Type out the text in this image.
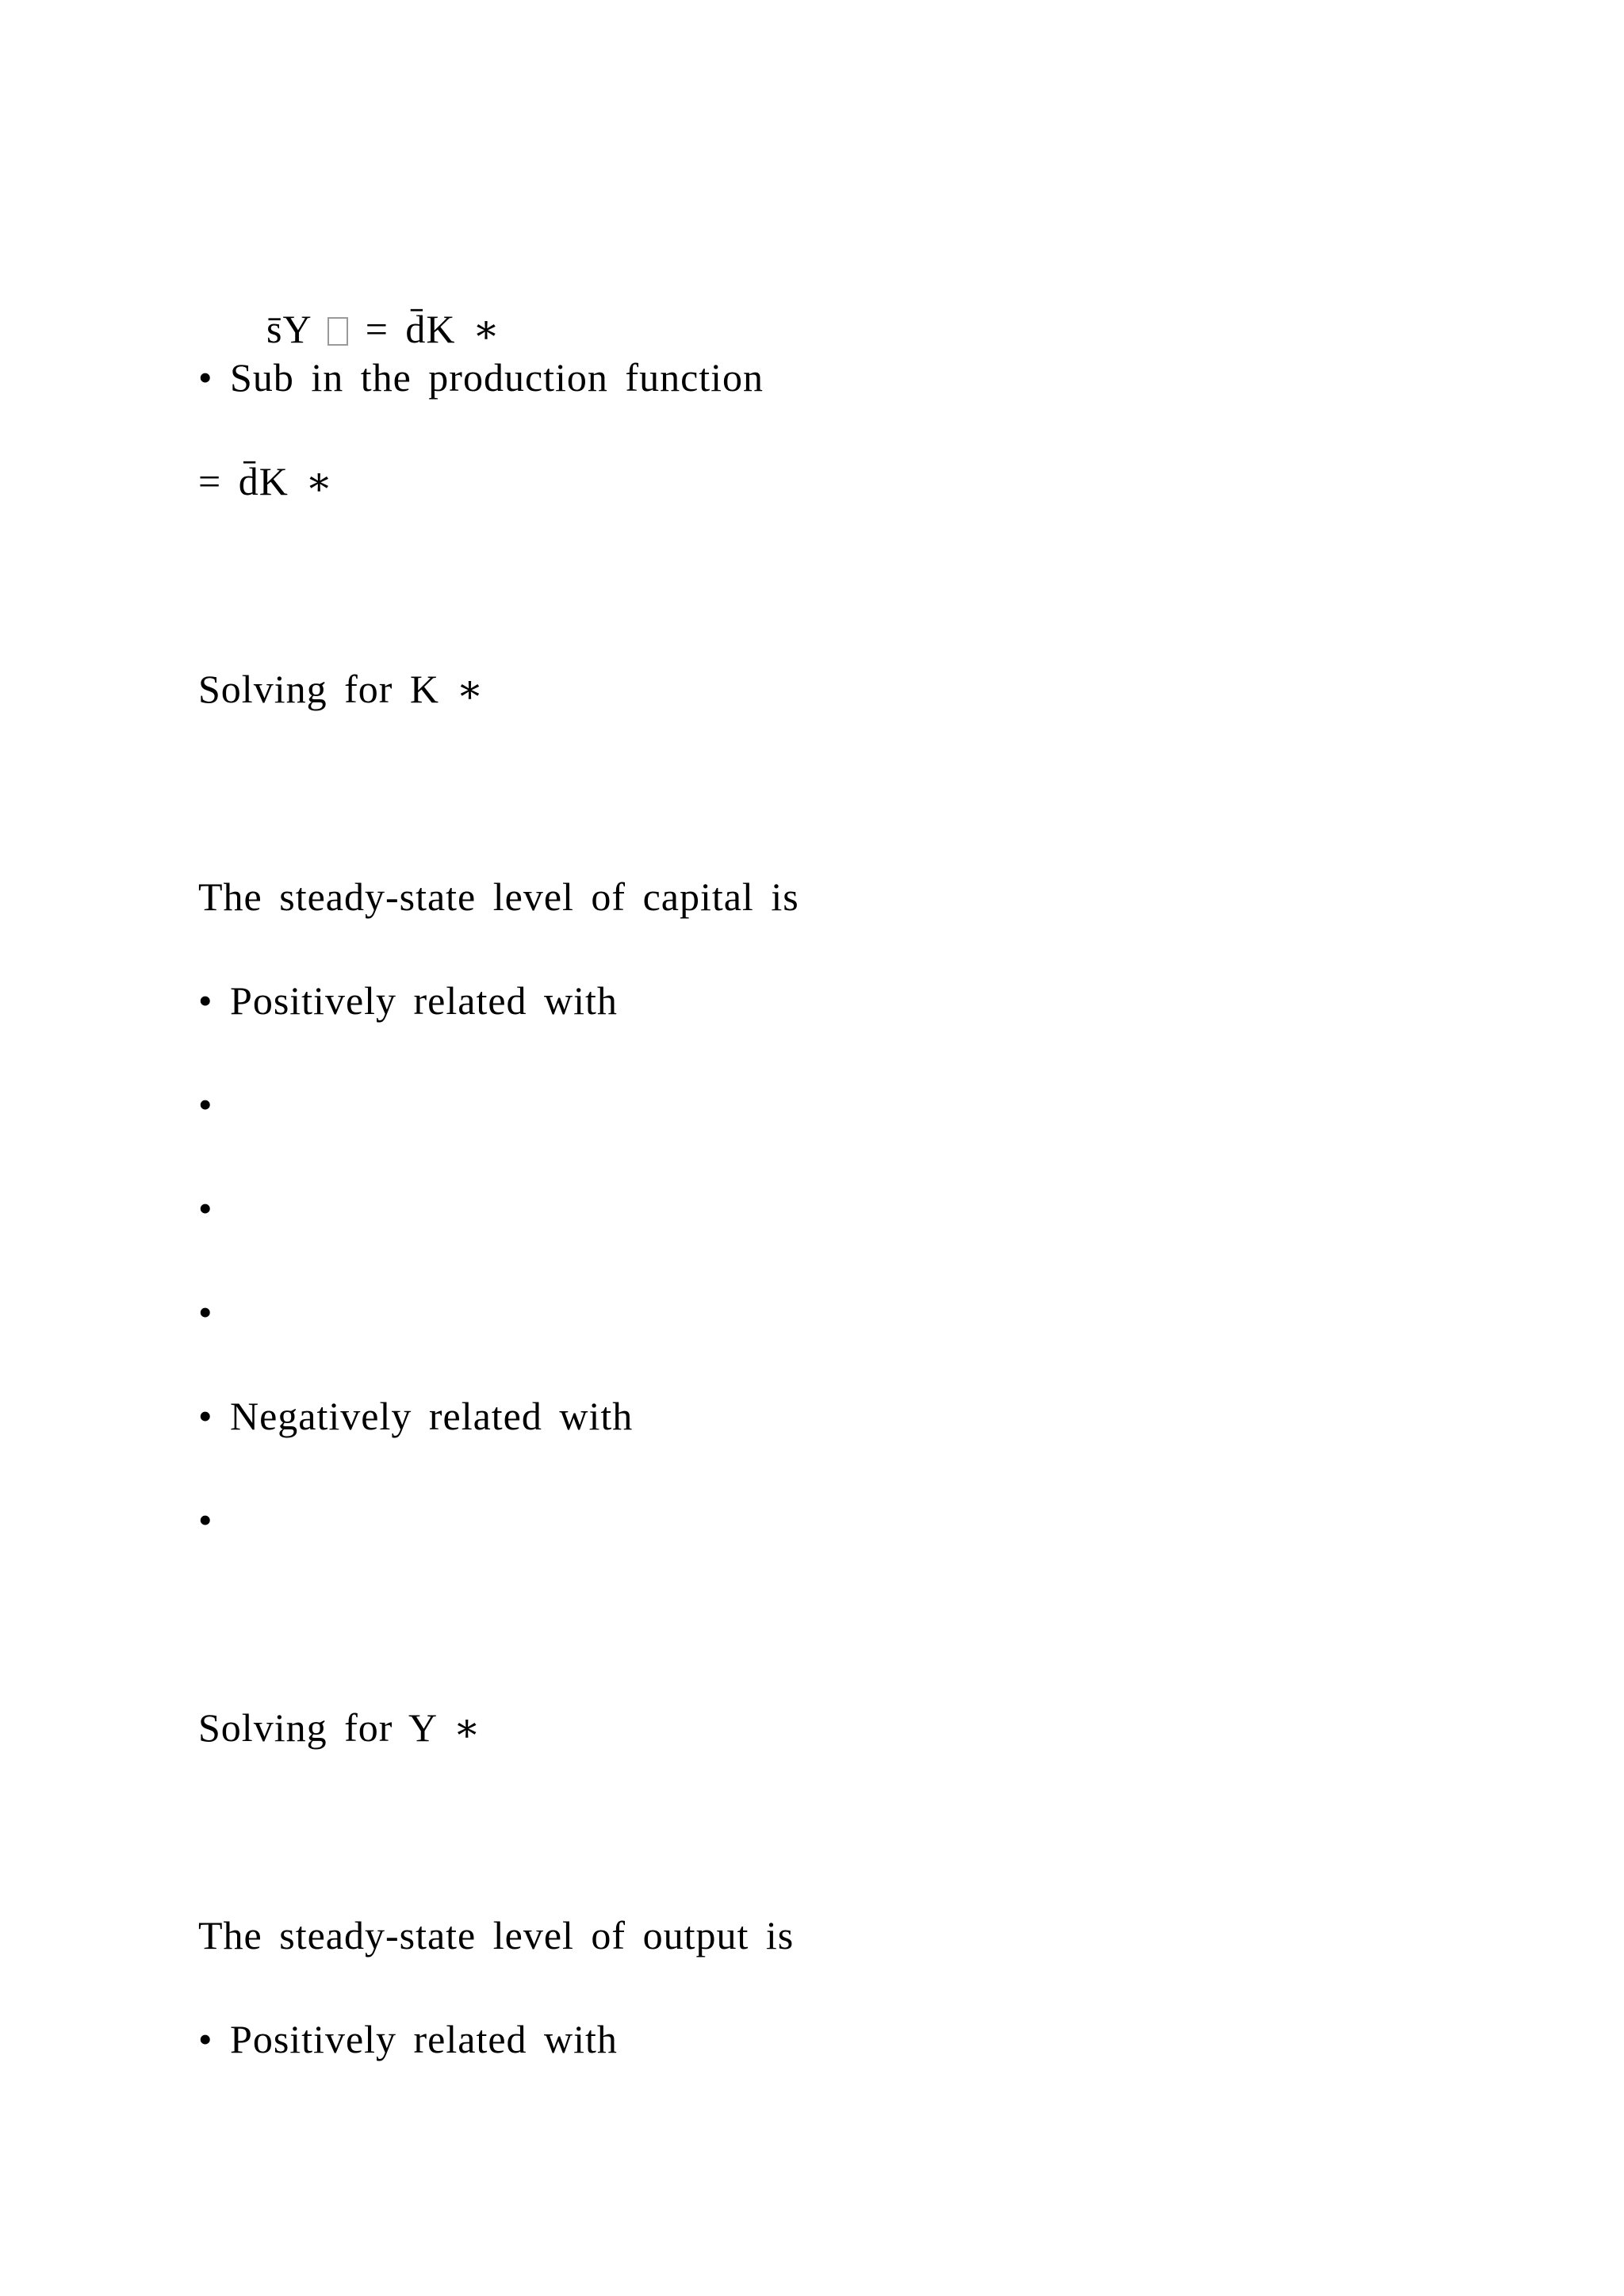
s̄Y  = d̄K ∗

• Sub in the production function
= d̄K ∗
Solving for K ∗
The steady-state level of capital is
• Positively related with
•
•
•
• Negatively related with
•
Solving for Y ∗
The steady-state level of output is
• Positively related with
